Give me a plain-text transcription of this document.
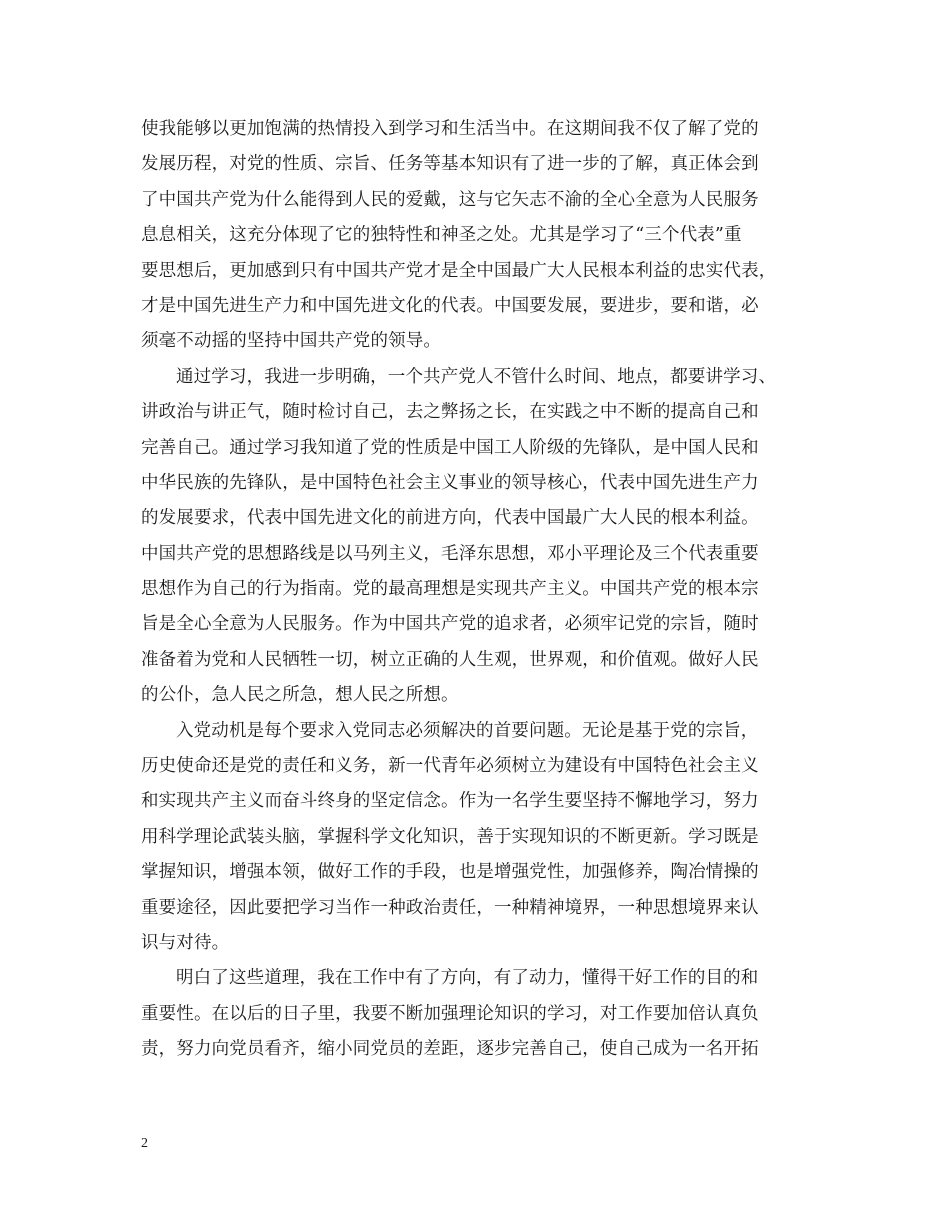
使我能够以更加饱满的热情投入到学习和生活当中。在这期间我不仅了解了党的
发展历程，对党的性质、宗旨、任务等基本知识有了进一步的了解，真正体会到
了中国共产党为什么能得到人民的爱戴，这与它矢志不渝的全心全意为人民服务
息息相关，这充分体现了它的独特性和神圣之处。尤其是学习了“三个代表”重
要思想后，更加感到只有中国共产党才是全中国最广大人民根本利益的忠实代表，
才是中国先进生产力和中国先进文化的代表。中国要发展，要进步，要和谐，必
须毫不动摇的坚持中国共产党的领导。
通过学习，我进一步明确，一个共产党人不管什么时间、地点，都要讲学习、
讲政治与讲正气，随时检讨自己，去之弊扬之长，在实践之中不断的提高自己和
完善自己。通过学习我知道了党的性质是中国工人阶级的先锋队，是中国人民和
中华民族的先锋队，是中国特色社会主义事业的领导核心，代表中国先进生产力
的发展要求，代表中国先进文化的前进方向，代表中国最广大人民的根本利益。
中国共产党的思想路线是以马列主义，毛泽东思想，邓小平理论及三个代表重要
思想作为自己的行为指南。党的最高理想是实现共产主义。中国共产党的根本宗
旨是全心全意为人民服务。作为中国共产党的追求者，必须牢记党的宗旨，随时
准备着为党和人民牺牲一切，树立正确的人生观，世界观，和价值观。做好人民
的公仆，急人民之所急，想人民之所想。
入党动机是每个要求入党同志必须解决的首要问题。无论是基于党的宗旨，
历史使命还是党的责任和义务，新一代青年必须树立为建设有中国特色社会主义
和实现共产主义而奋斗终身的坚定信念。作为一名学生要坚持不懈地学习，努力
用科学理论武装头脑，掌握科学文化知识，善于实现知识的不断更新。学习既是
掌握知识，增强本领，做好工作的手段，也是增强党性，加强修养，陶冶情操的
重要途径，因此要把学习当作一种政治责任，一种精神境界，一种思想境界来认
识与对待。
明白了这些道理，我在工作中有了方向，有了动力，懂得干好工作的目的和
重要性。在以后的日子里，我要不断加强理论知识的学习，对工作要加倍认真负
责，努力向党员看齐，缩小同党员的差距，逐步完善自己，使自己成为一名开拓
2
